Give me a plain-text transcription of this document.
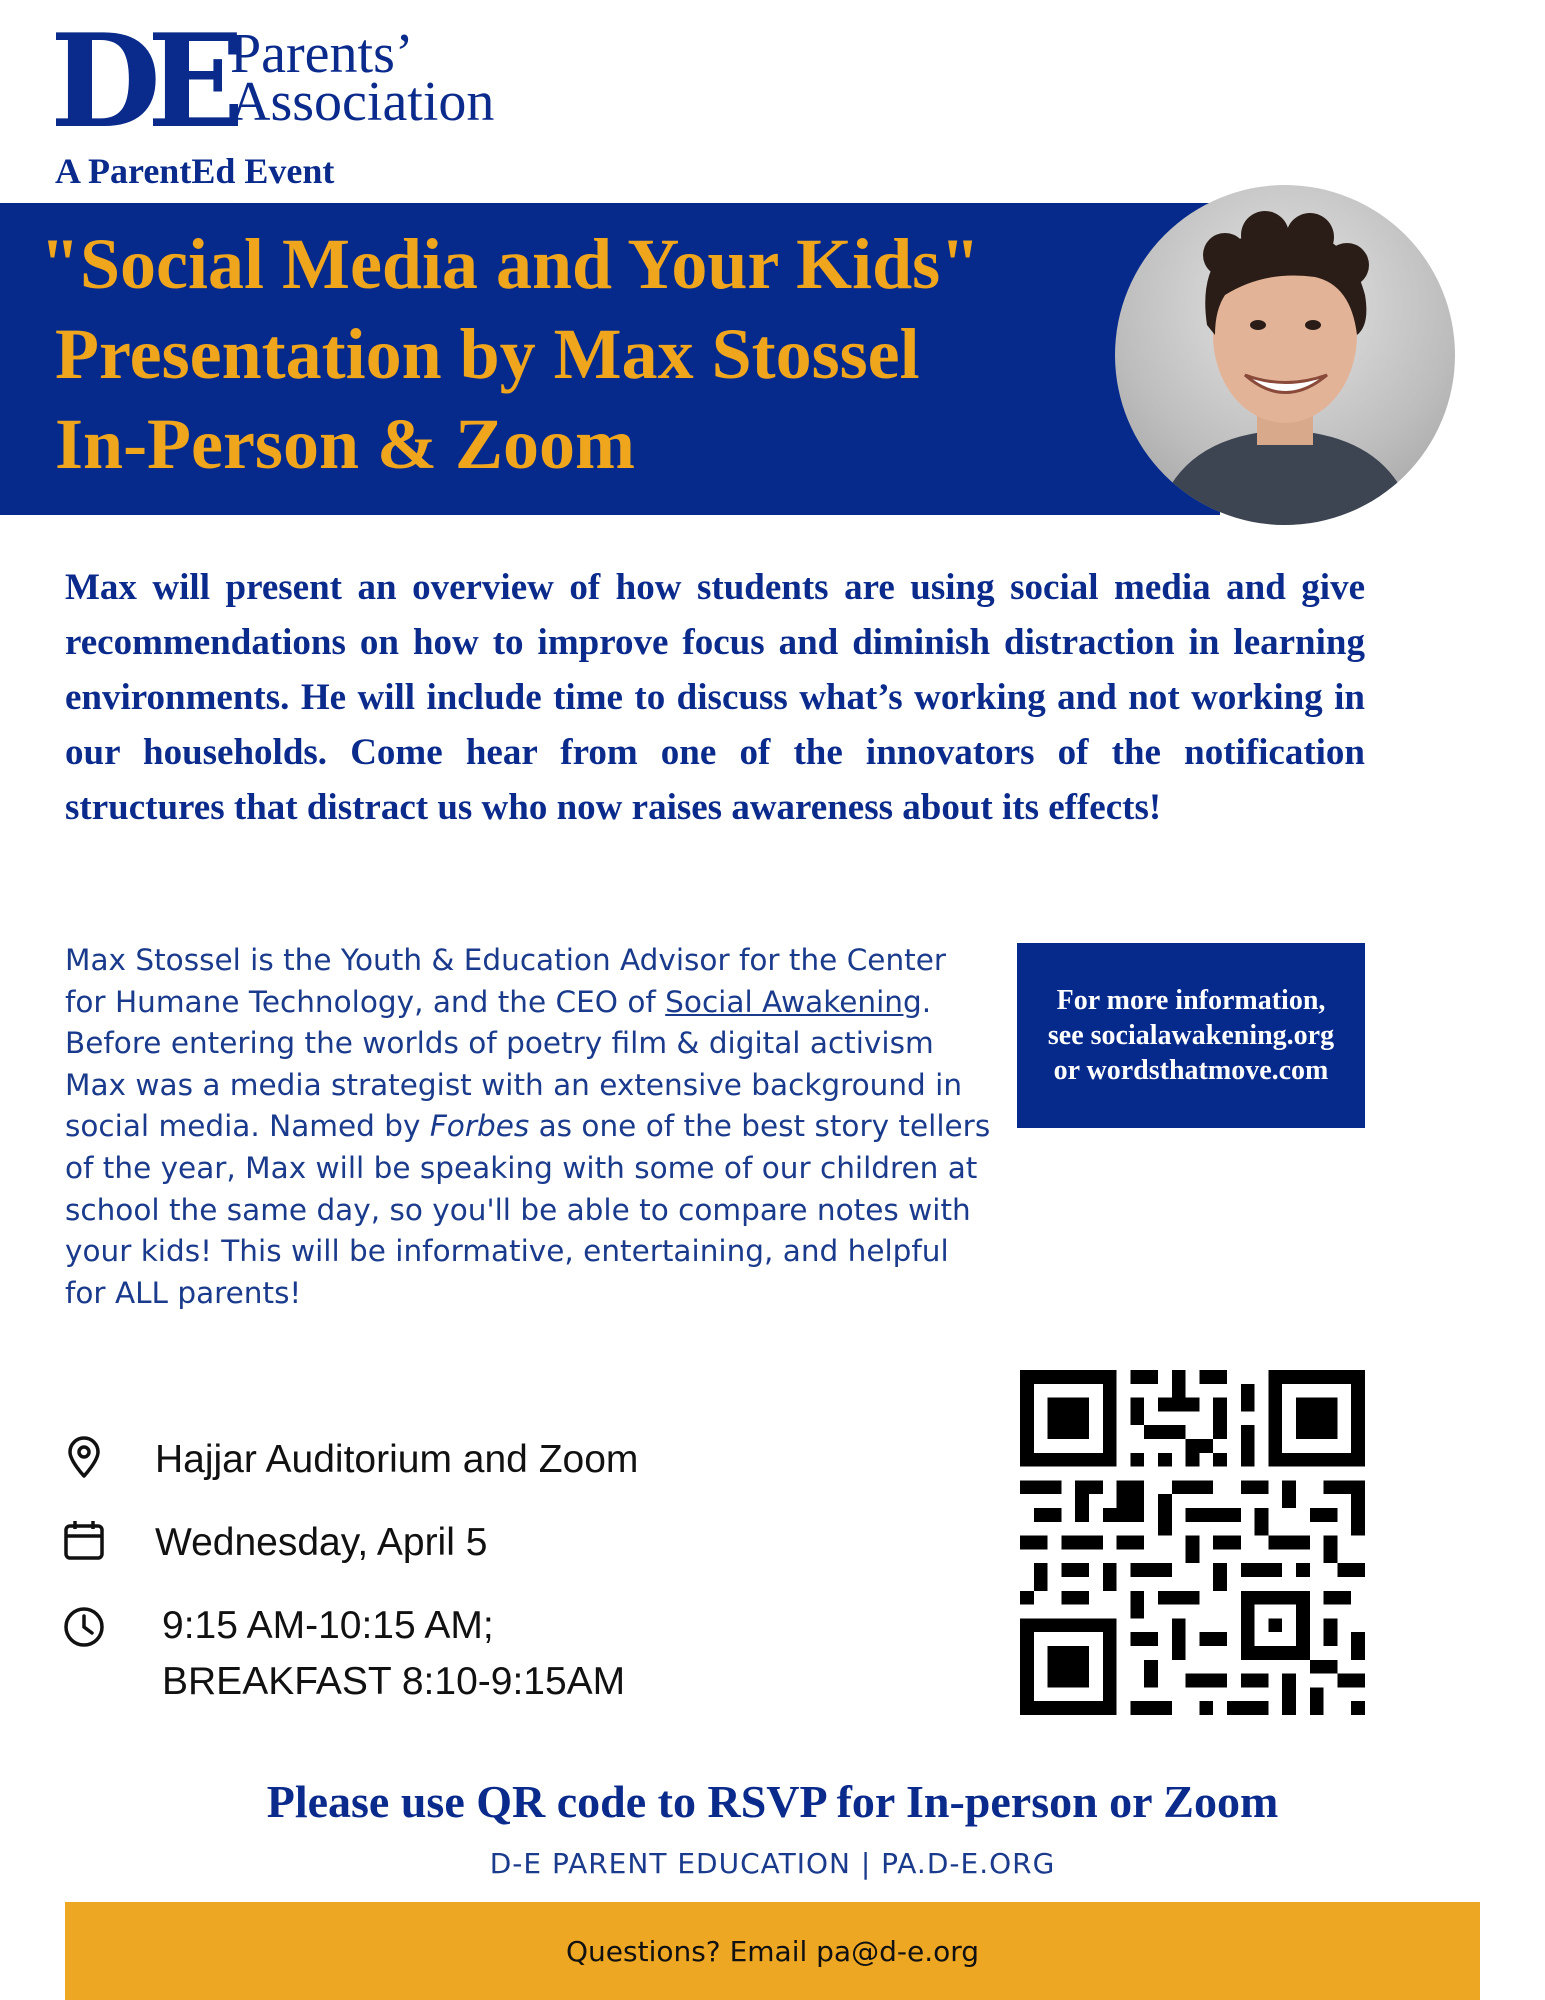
DE Parents’
Association
A ParentEd Event
"Social Media and Your Kids"
Presentation by Max Stossel
In-Person & Zoom
Max will present an overview of how students are using social media and give recommendations on how to improve focus and diminish distraction in learning environments. He will include time to discuss what’s working and not working in our households. Come hear from one of the innovators of the notification structures that distract us who now raises awareness about its effects!
Max Stossel is the Youth & Education Advisor for the Center for Humane Technology, and the CEO of Social Awakening. Before entering the worlds of poetry film & digital activism Max was a media strategist with an extensive background in social media. Named by Forbes as one of the best story tellers of the year, Max will be speaking with some of our children at school the same day, so you'll be able to compare notes with your kids! This will be informative, entertaining, and helpful for ALL parents!
For more information,
see socialawakening.org
or wordsthatmove.com
Hajjar Auditorium and Zoom
Wednesday, April 5
9:15 AM-10:15 AM;
BREAKFAST 8:10-9:15AM
Please use QR code to RSVP for In-person or Zoom
D-E PARENT EDUCATION | PA.D-E.ORG
Questions? Email pa@d-e.org
